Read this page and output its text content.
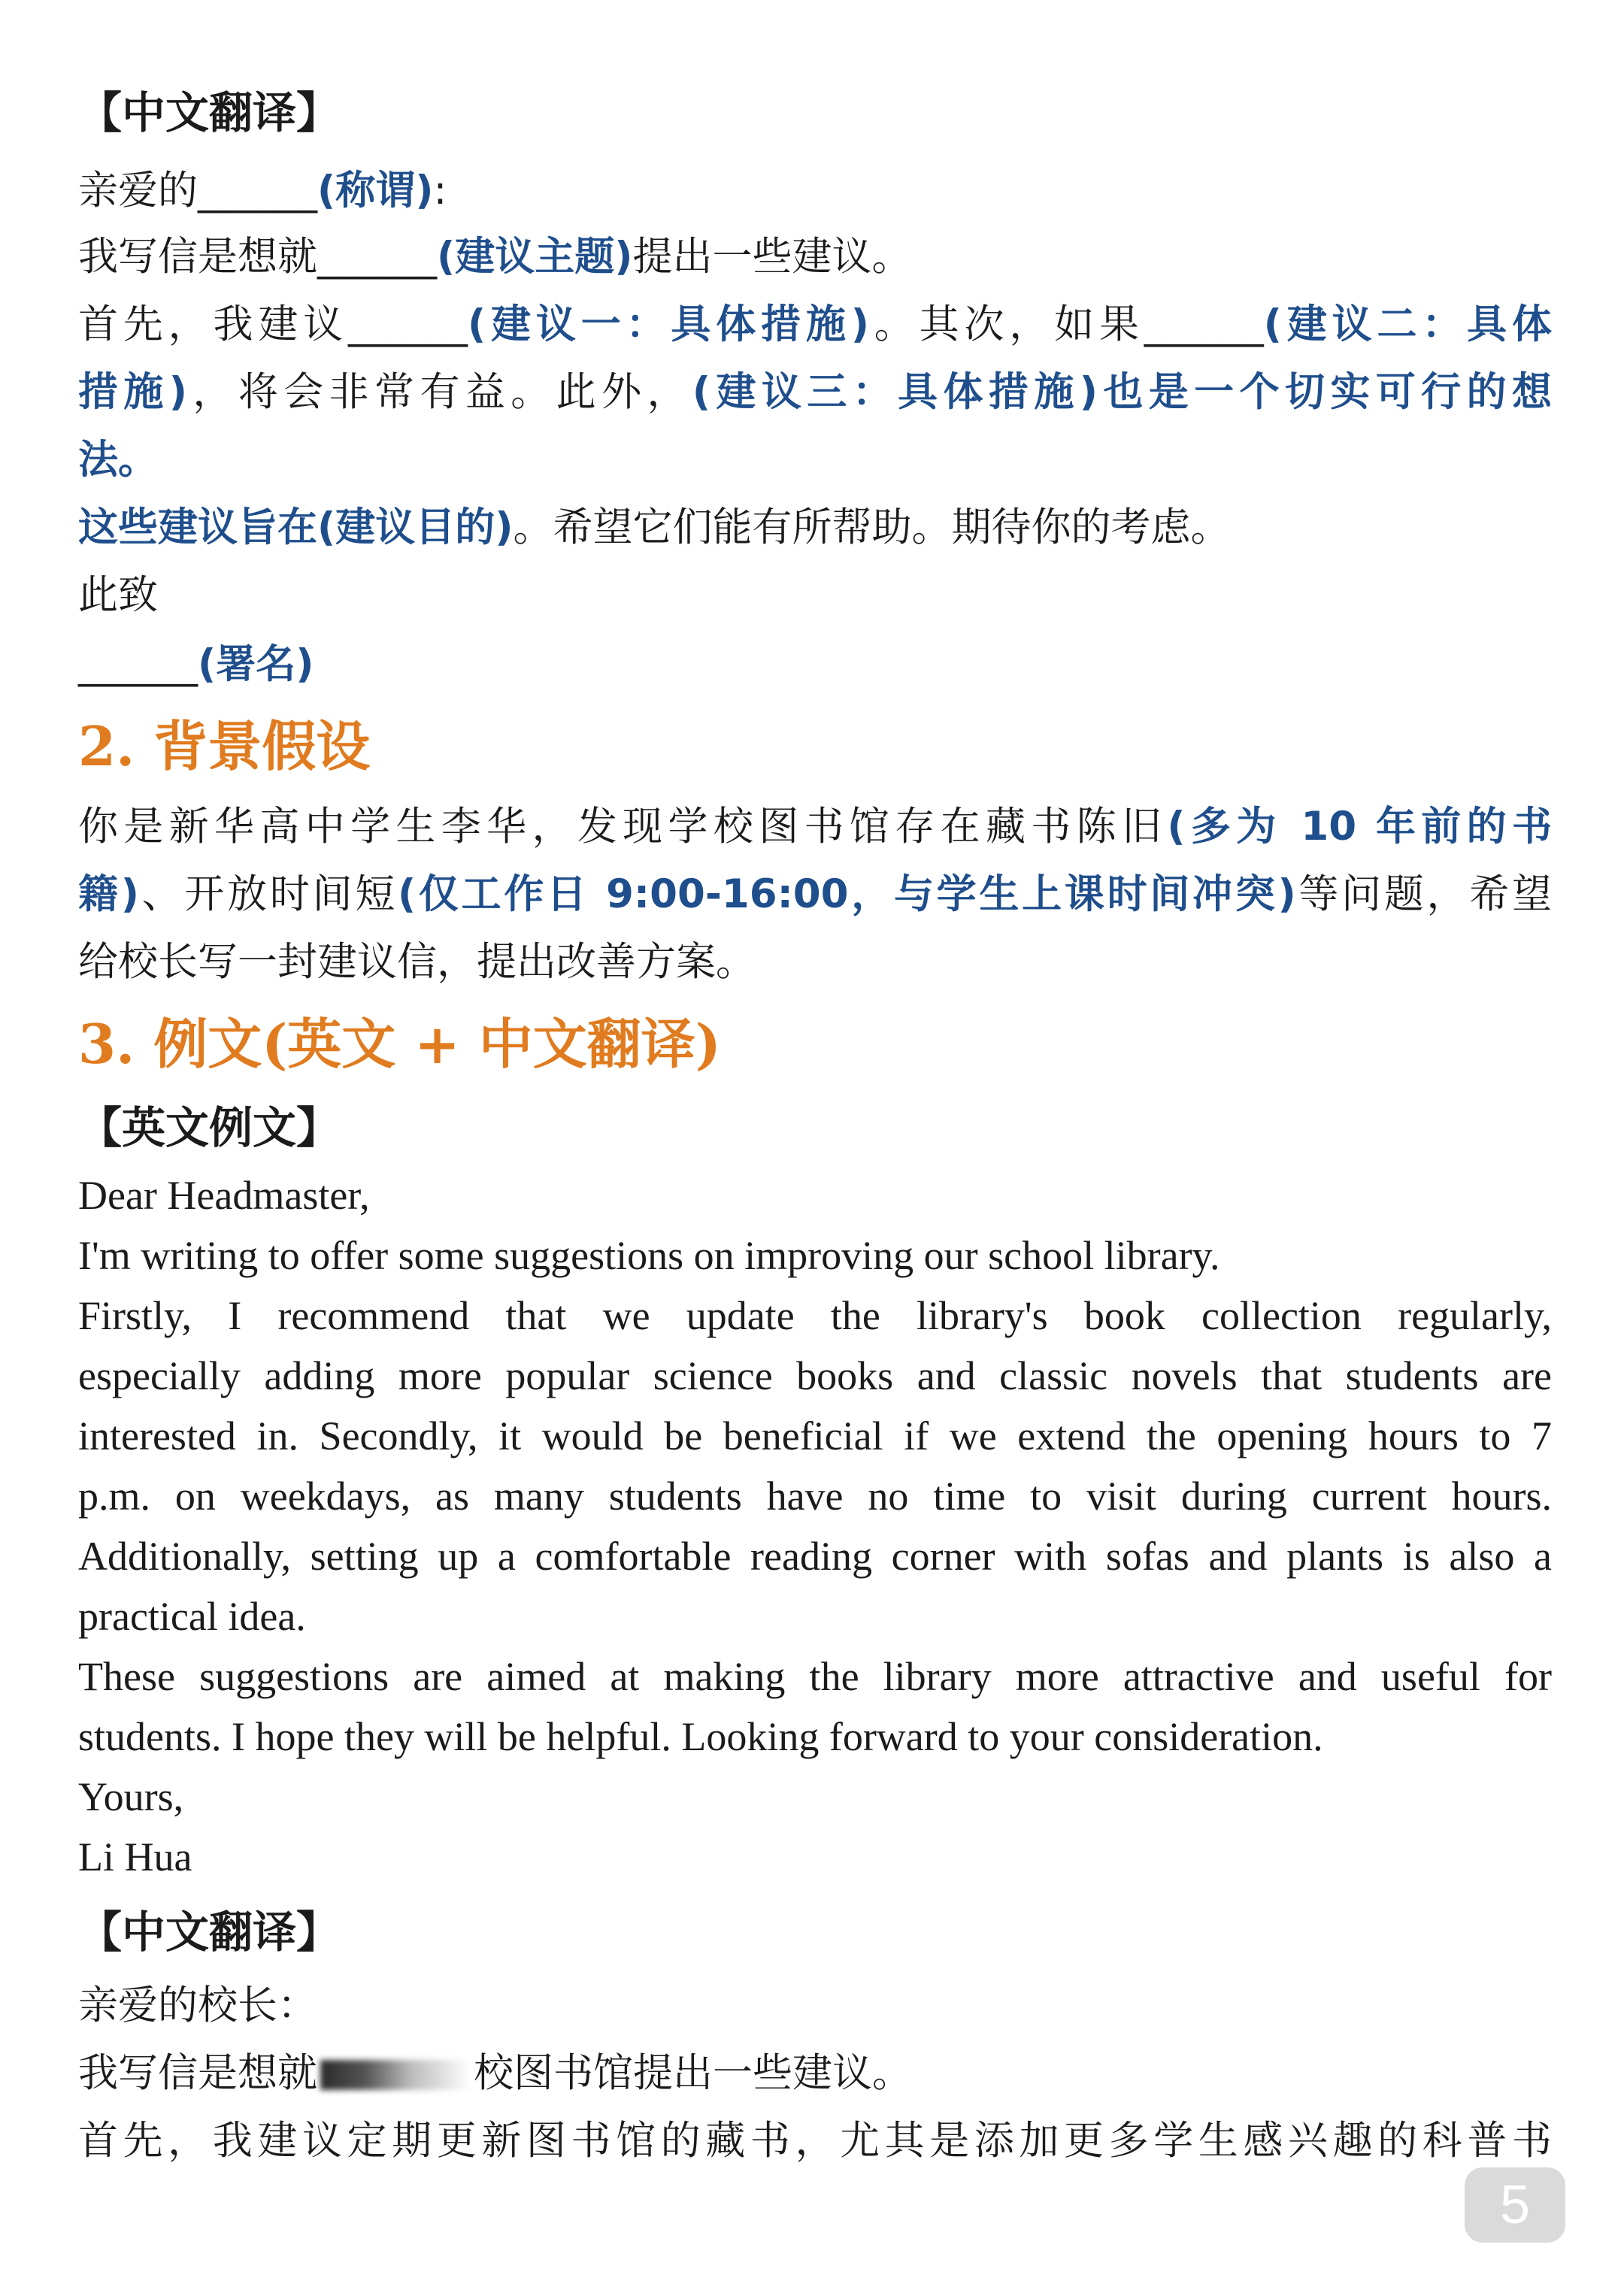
【中文翻译】
亲爱的______(称谓):
我写信是想就______(建议主题)提出一些建议。
首先，我建议______(建议一：具体措施)。其次，如果______(建议二：具体
措施)，将会非常有益。此外，(建议三：具体措施)也是一个切实可行的想
法。
这些建议旨在(建议目的)。希望它们能有所帮助。期待你的考虑。
此致
______(署名)
2. 背景假设
你是新华高中学生李华，发现学校图书馆存在藏书陈旧(多为 10 年前的书
籍)、开放时间短(仅工作日 9:00-16:00，与学生上课时间冲突)等问题，希望
给校长写一封建议信，提出改善方案。
3. 例文(英文 + 中文翻译)
【英文例文】
Dear Headmaster,
I'm writing to offer some suggestions on improving our school library.
Firstly, I recommend that we update the library's book collection regularly,
especially adding more popular science books and classic novels that students are
interested in. Secondly, it would be beneficial if we extend the opening hours to 7
p.m. on weekdays, as many students have no time to visit during current hours.
Additionally, setting up a comfortable reading corner with sofas and plants is also a
practical idea.
These suggestions are aimed at making the library more attractive and useful for
students. I hope they will be helpful. Looking forward to your consideration.
Yours,
Li Hua
【中文翻译】
亲爱的校长：
我写信是想就	校图书馆提出一些建议。
首先，我建议定期更新图书馆的藏书，尤其是添加更多学生感兴趣的科普书
5
